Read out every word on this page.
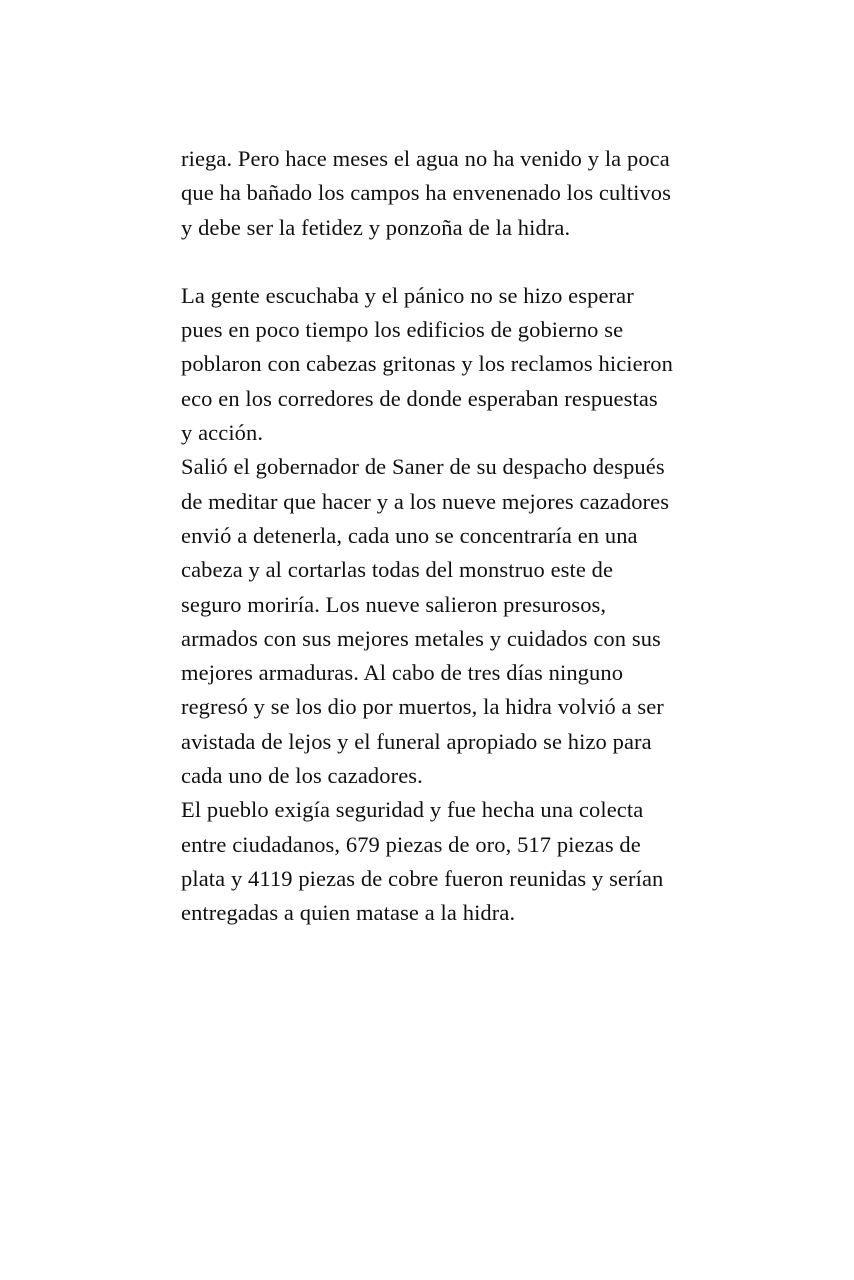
riega. Pero hace meses el agua no ha venido y la poca que ha bañado los campos ha envenenado los cultivos y debe ser la fetidez y ponzoña de la hidra.

La gente escuchaba y el pánico no se hizo esperar pues en poco tiempo los edificios de gobierno se poblaron con cabezas gritonas y los reclamos hicieron eco en los corredores de donde esperaban respuestas y acción.

Salió el gobernador de Saner de su despacho después de meditar que hacer y a los nueve mejores cazadores envió a detenerla, cada uno se concentraría en una cabeza y al cortarlas todas del monstruo este de seguro moriría. Los nueve salieron presurosos, armados con sus mejores metales y cuidados con sus mejores armaduras. Al cabo de tres días ninguno regresó y se los dio por muertos, la hidra volvió a ser avistada de lejos y el funeral apropiado se hizo para cada uno de los cazadores.

El pueblo exigía seguridad y fue hecha una colecta entre ciudadanos, 679 piezas de oro, 517 piezas de plata y 4119 piezas de cobre fueron reunidas y serían entregadas a quien matase a la hidra.
